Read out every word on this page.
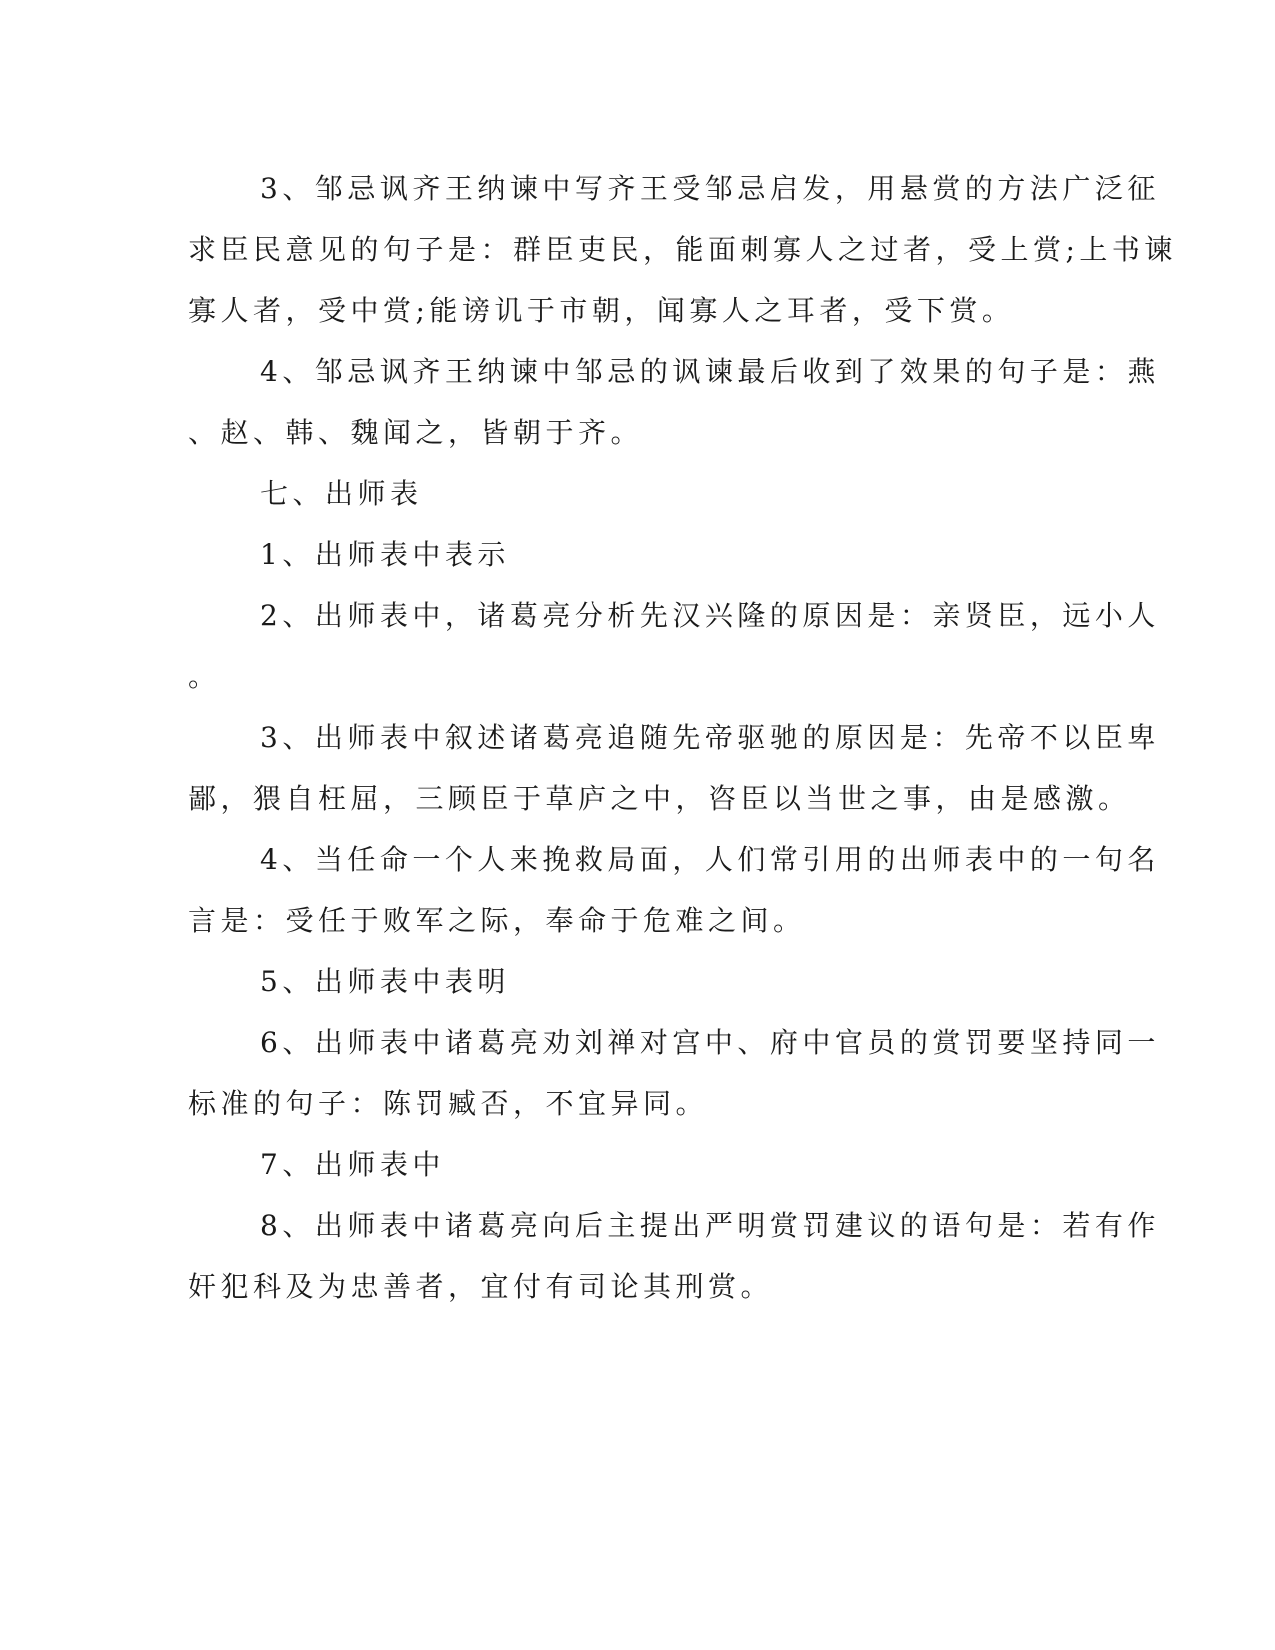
3、邹忌讽齐王纳谏中写齐王受邹忌启发，用悬赏的方法广泛征
求臣民意见的句子是：群臣吏民，能面刺寡人之过者，受上赏;上书谏
寡人者，受中赏;能谤讥于市朝，闻寡人之耳者，受下赏。
4、邹忌讽齐王纳谏中邹忌的讽谏最后收到了效果的句子是：燕
、赵、韩、魏闻之，皆朝于齐。
七、出师表
1、出师表中表示
2、出师表中，诸葛亮分析先汉兴隆的原因是：亲贤臣，远小人
。
3、出师表中叙述诸葛亮追随先帝驱驰的原因是：先帝不以臣卑
鄙，猥自枉屈，三顾臣于草庐之中，咨臣以当世之事，由是感激。
4、当任命一个人来挽救局面，人们常引用的出师表中的一句名
言是：受任于败军之际，奉命于危难之间。
5、出师表中表明
6、出师表中诸葛亮劝刘禅对宫中、府中官员的赏罚要坚持同一
标准的句子：陈罚臧否，不宜异同。
7、出师表中
8、出师表中诸葛亮向后主提出严明赏罚建议的语句是：若有作
奸犯科及为忠善者，宜付有司论其刑赏。
